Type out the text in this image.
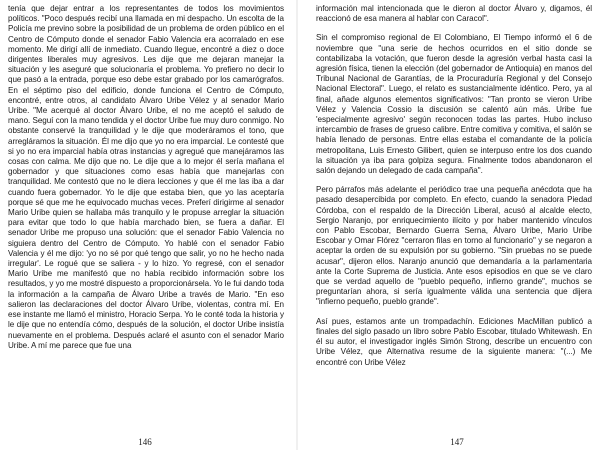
tenía que dejar entrar a los representantes de todos los movimientos políticos. "Poco después recibí una llamada en mi despacho. Un escolta de la Policía me previno sobre la posibilidad de un problema de orden público en el Centro de Cómputo donde el senador Fabio Valencia era acorralado en ese momento. Me dirigí allí de inmediato. Cuando llegue, encontré a diez o doce dirigentes liberales muy agresivos. Les dije que me dejaran manejar la situación y les aseguré que solucionaría el problema. Yo prefiero no decir lo que pasó a la entrada, porque eso debe estar grabado por los camarógrafos. En el séptimo piso del edificio, donde funciona el Centro de Cómputo, encontré, entre otros, al candidato Álvaro Uribe Vélez y al senador Mario Uribe. "Me acerqué al doctor Álvaro Uribe, el no me aceptó el saludo de mano. Seguí con la mano tendida y el doctor Uribe fue muy duro conmigo. No obstante conservé la tranquilidad y le dije que moderáramos el tono, que arregláramos la situación. Él me dijo que yo no era imparcial. Le contesté que si yo no era imparcial había otras instancias y agregué que manejáramos las cosas con calma. Me dijo que no. Le dije que a lo mejor él sería mañana el gobernador y que situaciones como esas había que manejarlas con tranquilidad. Me contestó que no le diera lecciones y que él me las iba a dar cuando fuera gobernador. Yo le dije que estaba bien, que yo las aceptaría porque sé que me he equivocado muchas veces. Preferí dirigirme al senador Mario Uribe quien se hallaba más tranquilo y le propuse arreglar la situación para evitar que todo lo que había marchado bien, se fuera a dañar. El senador Uribe me propuso una solución: que el senador Fabio Valencia no siguiera dentro del Centro de Cómputo. Yo hablé con el senador Fabio Valencia y él me dijo: 'yo no sé por qué tengo que salir, yo no he hecho nada irregular'. Le rogué que se saliera - y lo hizo. Yo regresé, con el senador Mario Uribe me manifestó que no había recibido información sobre los resultados, y yo me mostré dispuesto a proporcionársela. Yo le fui dando toda la información a la campaña de Álvaro Uribe a través de Mario. "En eso salieron las declaraciones del doctor Álvaro Uribe, violentas, contra mí. En ese instante me llamó el ministro, Horacio Serpa. Yo le conté toda la historia y le dije que no entendía cómo, después de la solución, el doctor Uribe insistía nuevamente en el problema. Después aclaré el asunto con el senador Mario Uribe. A mí me parece que fue una

146

información mal intencionada que le dieron al doctor Álvaro y, digamos, él reaccionó de esa manera al hablar con Caracol".

Sin el compromiso regional de El Colombiano, El Tiempo informó el 6 de noviembre que "una serie de hechos ocurridos en el sitio donde se contabilizaba la votación, que fueron desde la agresión verbal hasta casi la agresión física, tienen la elección (del gobernador de Antioquia) en manos del Tribunal Nacional de Garantías, de la Procuraduría Regional y del Consejo Nacional Electoral". Luego, el relato es sustancialmente idéntico. Pero, ya al final, añade algunos elementos significativos: "Tan pronto se vieron Uribe Vélez y Valencia Cossio la discusión se calentó aún más. Uribe fue 'especialmente agresivo' según reconocen todas las partes. Hubo incluso intercambio de frases de grueso calibre. Entre comitiva y comitiva, el salón se había llenado de personas. Entre ellas estaba el comandante de la policía metropolitana, Luis Ernesto Gilibert, quien se interpuso entre los dos cuando la situación ya iba para golpiza segura. Finalmente todos abandonaron el salón dejando un delegado de cada campaña".

Pero párrafos más adelante el periódico trae una pequeña anécdota que ha pasado desapercibida por completo. En efecto, cuando la senadora Piedad Córdoba, con el respaldo de la Dirección Liberal, acusó al alcalde electo, Sergio Naranjo, por enriquecimiento ilícito y por haber mantenido vínculos con Pablo Escobar, Bernardo Guerra Serna, Álvaro Uribe, Mario Uribe Escobar y Omar Flórez "cerraron filas en torno al funcionario" y se negaron a aceptar la orden de su expulsión por su gobierno. "Sin pruebas no se puede acusar", dijeron ellos. Naranjo anunció que demandaría a la parlamentaria ante la Corte Suprema de Justicia. Ante esos episodios en que se ve claro que se verdad aquello de "pueblo pequeño, infierno grande", muchos se preguntarían ahora, si sería igualmente válida una sentencia que dijera "infierno pequeño, pueblo grande".

Así pues, estamos ante un trompadachín. Ediciones MacMillan publicó a finales del siglo pasado un libro sobre Pablo Escobar, titulado Whitewash. En él su autor, el investigador inglés Simón Strong, describe un encuentro con Uribe Vélez, que Alternativa resume de la siguiente manera: "(...) Me encontré con Uribe Vélez

147
